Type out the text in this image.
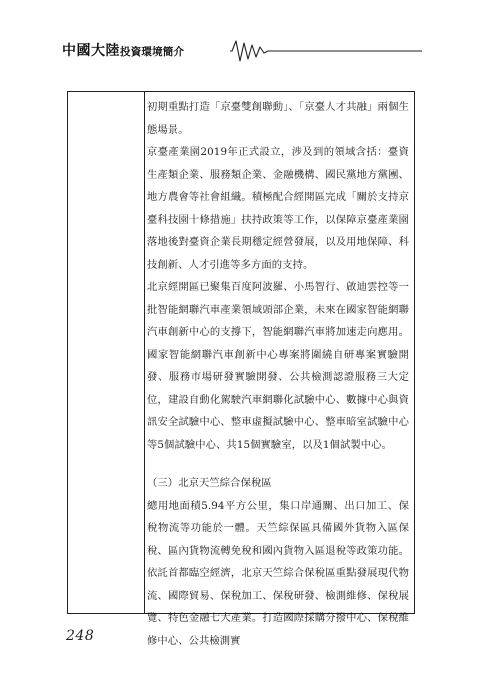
中國大陸投資環境簡介

初期重點打造「京臺雙創聯動」、「京臺人才共融」兩個生態場景。

京臺產業園2019年正式設立，涉及到的領域含括：臺資生產類企業、服務類企業、金融機構、國民黨地方黨團、地方農會等社會組織。積極配合經開區完成「關於支持京臺科技園十條措施」扶持政策等工作，以保障京臺產業園落地後對臺資企業長期穩定經營發展，以及用地保障、科技創新、人才引進等多方面的支持。

北京經開區已聚集百度阿波羅、小馬智行、啟迪雲控等一批智能網聯汽車產業領域頭部企業，未來在國家智能網聯汽車創新中心的支撐下，智能網聯汽車將加速走向應用。國家智能網聯汽車創新中心專案將圍繞自研專案實驗開發、服務市場研發實驗開發、公共檢測認證服務三大定位，建設自動化駕駛汽車網聯化試驗中心、數據中心與資訊安全試驗中心、整車虛擬試驗中心、整車暗室試驗中心等5個試驗中心、共15個實驗室，以及1個試製中心。

（三）北京天竺綜合保稅區

總用地面積5.94平方公里，集口岸通關、出口加工、保稅物流等功能於一體。天竺綜保區具備國外貨物入區保稅、區內貨物流轉免稅和國內貨物入區退稅等政策功能。依託首都臨空經濟，北京天竺綜合保稅區重點發展現代物流、國際貿易、保稅加工、保稅研發、檢測維修、保稅展覽、特色金融七大產業。打造國際採購分撥中心、保稅維修中心、公共檢測實

248
